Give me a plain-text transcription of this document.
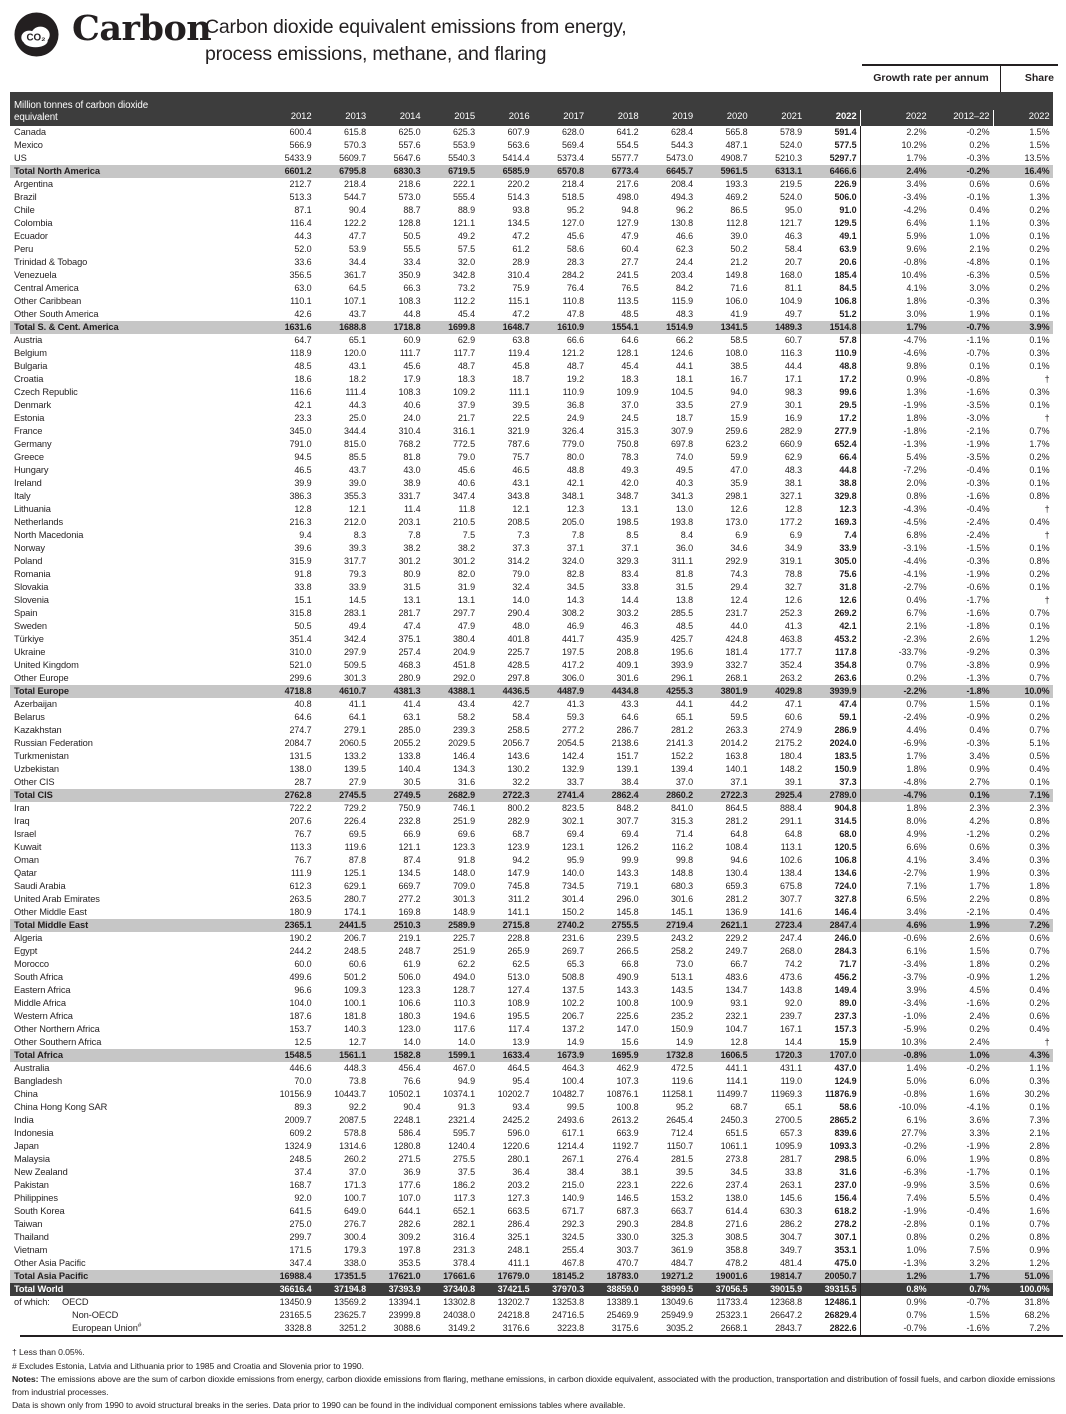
CO₂ Carbon
Carbon dioxide equivalent emissions from energy,
process emissions, methane, and flaring
Growth rate per annum	Share
Million tonnes of carbon dioxide equivalent	2012	2013	2014	2015	2016	2017	2018	2019	2020	2021	2022	2022	2012–22	2022
Canada	600.4	615.8	625.0	625.3	607.9	628.0	641.2	628.4	565.8	578.9	591.4	2.2%	-0.2%	1.5%
Mexico	566.9	570.3	557.6	553.9	563.6	569.4	554.5	544.3	487.1	524.0	577.5	10.2%	0.2%	1.5%
US	5433.9	5609.7	5647.6	5540.3	5414.4	5373.4	5577.7	5473.0	4908.7	5210.3	5297.7	1.7%	-0.3%	13.5%
Total North America	6601.2	6795.8	6830.3	6719.5	6585.9	6570.8	6773.4	6645.7	5961.5	6313.1	6466.6	2.4%	-0.2%	16.4%
Argentina	212.7	218.4	218.6	222.1	220.2	218.4	217.6	208.4	193.3	219.5	226.9	3.4%	0.6%	0.6%
Brazil	513.3	544.7	573.0	555.4	514.3	518.5	498.0	494.3	469.2	524.0	506.0	-3.4%	-0.1%	1.3%
Chile	87.1	90.4	88.7	88.9	93.8	95.2	94.8	96.2	86.5	95.0	91.0	-4.2%	0.4%	0.2%
Colombia	116.4	122.2	128.8	121.1	134.5	127.0	127.9	130.8	112.8	121.7	129.5	6.4%	1.1%	0.3%
Ecuador	44.3	47.7	50.5	49.2	47.2	45.6	47.9	46.6	39.0	46.3	49.1	5.9%	1.0%	0.1%
Peru	52.0	53.9	55.5	57.5	61.2	58.6	60.4	62.3	50.2	58.4	63.9	9.6%	2.1%	0.2%
Trinidad & Tobago	33.6	34.4	33.4	32.0	28.9	28.3	27.7	24.4	21.2	20.7	20.6	-0.8%	-4.8%	0.1%
Venezuela	356.5	361.7	350.9	342.8	310.4	284.2	241.5	203.4	149.8	168.0	185.4	10.4%	-6.3%	0.5%
Central America	63.0	64.5	66.3	73.2	75.9	76.4	76.5	84.2	71.6	81.1	84.5	4.1%	3.0%	0.2%
Other Caribbean	110.1	107.1	108.3	112.2	115.1	110.8	113.5	115.9	106.0	104.9	106.8	1.8%	-0.3%	0.3%
Other South America	42.6	43.7	44.8	45.4	47.2	47.8	48.5	48.3	41.9	49.7	51.2	3.0%	1.9%	0.1%
Total S. & Cent. America	1631.6	1688.8	1718.8	1699.8	1648.7	1610.9	1554.1	1514.9	1341.5	1489.3	1514.8	1.7%	-0.7%	3.9%
Austria	64.7	65.1	60.9	62.9	63.8	66.6	64.6	66.2	58.5	60.7	57.8	-4.7%	-1.1%	0.1%
Belgium	118.9	120.0	111.7	117.7	119.4	121.2	128.1	124.6	108.0	116.3	110.9	-4.6%	-0.7%	0.3%
Bulgaria	48.5	43.1	45.6	48.7	45.8	48.7	45.4	44.1	38.5	44.4	48.8	9.8%	0.1%	0.1%
Croatia	18.6	18.2	17.9	18.3	18.7	19.2	18.3	18.1	16.7	17.1	17.2	0.9%	-0.8%	†
Czech Republic	116.6	111.4	108.3	109.2	111.1	110.9	109.9	104.5	94.0	98.3	99.6	1.3%	-1.6%	0.3%
Denmark	42.1	44.3	40.6	37.9	39.5	36.8	37.0	33.5	27.9	30.1	29.5	-1.9%	-3.5%	0.1%
Estonia	23.3	25.0	24.0	21.7	22.5	24.9	24.5	18.7	15.9	16.9	17.2	1.8%	-3.0%	†
France	345.0	344.4	310.4	316.1	321.9	326.4	315.3	307.9	259.6	282.9	277.9	-1.8%	-2.1%	0.7%
Germany	791.0	815.0	768.2	772.5	787.6	779.0	750.8	697.8	623.2	660.9	652.4	-1.3%	-1.9%	1.7%
Greece	94.5	85.5	81.8	79.0	75.7	80.0	78.3	74.0	59.9	62.9	66.4	5.4%	-3.5%	0.2%
Hungary	46.5	43.7	43.0	45.6	46.5	48.8	49.3	49.5	47.0	48.3	44.8	-7.2%	-0.4%	0.1%
Ireland	39.9	39.0	38.9	40.6	43.1	42.1	42.0	40.3	35.9	38.1	38.8	2.0%	-0.3%	0.1%
Italy	386.3	355.3	331.7	347.4	343.8	348.1	348.7	341.3	298.1	327.1	329.8	0.8%	-1.6%	0.8%
Lithuania	12.8	12.1	11.4	11.8	12.1	12.3	13.1	13.0	12.6	12.8	12.3	-4.3%	-0.4%	†
Netherlands	216.3	212.0	203.1	210.5	208.5	205.0	198.5	193.8	173.0	177.2	169.3	-4.5%	-2.4%	0.4%
North Macedonia	9.4	8.3	7.8	7.5	7.3	7.8	8.5	8.4	6.9	6.9	7.4	6.8%	-2.4%	†
Norway	39.6	39.3	38.2	38.2	37.3	37.1	37.1	36.0	34.6	34.9	33.9	-3.1%	-1.5%	0.1%
Poland	315.9	317.7	301.2	301.2	314.2	324.0	329.3	311.1	292.9	319.1	305.0	-4.4%	-0.3%	0.8%
Romania	91.8	79.3	80.9	82.0	79.0	82.8	83.4	81.8	74.3	78.8	75.6	-4.1%	-1.9%	0.2%
Slovakia	33.8	33.9	31.5	31.9	32.4	34.5	33.8	31.5	29.4	32.7	31.8	-2.7%	-0.6%	0.1%
Slovenia	15.1	14.5	13.1	13.1	14.0	14.3	14.4	13.8	12.4	12.6	12.6	0.4%	-1.7%	†
Spain	315.8	283.1	281.7	297.7	290.4	308.2	303.2	285.5	231.7	252.3	269.2	6.7%	-1.6%	0.7%
Sweden	50.5	49.4	47.4	47.9	48.0	46.9	46.3	48.5	44.0	41.3	42.1	2.1%	-1.8%	0.1%
Türkiye	351.4	342.4	375.1	380.4	401.8	441.7	435.9	425.7	424.8	463.8	453.2	-2.3%	2.6%	1.2%
Ukraine	310.0	297.9	257.4	204.9	225.7	197.5	208.8	195.6	181.4	177.7	117.8	-33.7%	-9.2%	0.3%
United Kingdom	521.0	509.5	468.3	451.8	428.5	417.2	409.1	393.9	332.7	352.4	354.8	0.7%	-3.8%	0.9%
Other Europe	299.6	301.3	280.9	292.0	297.8	306.0	301.6	296.1	268.1	263.2	263.6	0.2%	-1.3%	0.7%
Total Europe	4718.8	4610.7	4381.3	4388.1	4436.5	4487.9	4434.8	4255.3	3801.9	4029.8	3939.9	-2.2%	-1.8%	10.0%
Azerbaijan	40.8	41.1	41.4	43.4	42.7	41.3	43.3	44.1	44.2	47.1	47.4	0.7%	1.5%	0.1%
Belarus	64.6	64.1	63.1	58.2	58.4	59.3	64.6	65.1	59.5	60.6	59.1	-2.4%	-0.9%	0.2%
Kazakhstan	274.7	279.1	285.0	239.3	258.5	277.2	286.7	281.2	263.3	274.9	286.9	4.4%	0.4%	0.7%
Russian Federation	2084.7	2060.5	2055.2	2029.5	2056.7	2054.5	2138.6	2141.3	2014.2	2175.2	2024.0	-6.9%	-0.3%	5.1%
Turkmenistan	131.5	133.2	133.8	146.4	143.6	142.4	151.7	152.2	163.8	180.4	183.5	1.7%	3.4%	0.5%
Uzbekistan	138.0	139.5	140.4	134.3	130.2	132.9	139.1	139.4	140.1	148.2	150.9	1.8%	0.9%	0.4%
Other CIS	28.7	27.9	30.5	31.6	32.2	33.7	38.4	37.0	37.1	39.1	37.3	-4.8%	2.7%	0.1%
Total CIS	2762.8	2745.5	2749.5	2682.9	2722.3	2741.4	2862.4	2860.2	2722.3	2925.4	2789.0	-4.7%	0.1%	7.1%
Iran	722.2	729.2	750.9	746.1	800.2	823.5	848.2	841.0	864.5	888.4	904.8	1.8%	2.3%	2.3%
Iraq	207.6	226.4	232.8	251.9	282.9	302.1	307.7	315.3	281.2	291.1	314.5	8.0%	4.2%	0.8%
Israel	76.7	69.5	66.9	69.6	68.7	69.4	69.4	71.4	64.8	64.8	68.0	4.9%	-1.2%	0.2%
Kuwait	113.3	119.6	121.1	123.3	123.9	123.1	126.2	116.2	108.4	113.1	120.5	6.6%	0.6%	0.3%
Oman	76.7	87.8	87.4	91.8	94.2	95.9	99.9	99.8	94.6	102.6	106.8	4.1%	3.4%	0.3%
Qatar	111.9	125.1	134.5	148.0	147.9	140.0	143.3	148.8	130.4	138.4	134.6	-2.7%	1.9%	0.3%
Saudi Arabia	612.3	629.1	669.7	709.0	745.8	734.5	719.1	680.3	659.3	675.8	724.0	7.1%	1.7%	1.8%
United Arab Emirates	263.5	280.7	277.2	301.3	311.2	301.4	296.0	301.6	281.2	307.7	327.8	6.5%	2.2%	0.8%
Other Middle East	180.9	174.1	169.8	148.9	141.1	150.2	145.8	145.1	136.9	141.6	146.4	3.4%	-2.1%	0.4%
Total Middle East	2365.1	2441.5	2510.3	2589.9	2715.8	2740.2	2755.5	2719.4	2621.1	2723.4	2847.4	4.6%	1.9%	7.2%
Algeria	190.2	206.7	219.1	225.7	228.8	231.6	239.5	243.2	229.2	247.4	246.0	-0.6%	2.6%	0.6%
Egypt	244.2	248.5	248.7	251.9	265.9	269.7	266.5	258.2	249.7	268.0	284.3	6.1%	1.5%	0.7%
Morocco	60.0	60.6	61.9	62.2	62.5	65.3	66.8	73.0	66.7	74.2	71.7	-3.4%	1.8%	0.2%
South Africa	499.6	501.2	506.0	494.0	513.0	508.8	490.9	513.1	483.6	473.6	456.2	-3.7%	-0.9%	1.2%
Eastern Africa	96.6	109.3	123.3	128.7	127.4	137.5	143.3	143.5	134.7	143.8	149.4	3.9%	4.5%	0.4%
Middle Africa	104.0	100.1	106.6	110.3	108.9	102.2	100.8	100.9	93.1	92.0	89.0	-3.4%	-1.6%	0.2%
Western Africa	187.6	181.8	180.3	194.6	195.5	206.7	225.6	235.2	232.1	239.7	237.3	-1.0%	2.4%	0.6%
Other Northern Africa	153.7	140.3	123.0	117.6	117.4	137.2	147.0	150.9	104.7	167.1	157.3	-5.9%	0.2%	0.4%
Other Southern Africa	12.5	12.7	14.0	14.0	13.9	14.9	15.6	14.9	12.8	14.4	15.9	10.3%	2.4%	†
Total Africa	1548.5	1561.1	1582.8	1599.1	1633.4	1673.9	1695.9	1732.8	1606.5	1720.3	1707.0	-0.8%	1.0%	4.3%
Australia	446.6	448.3	456.4	467.0	464.5	464.3	462.9	472.5	441.1	431.1	437.0	1.4%	-0.2%	1.1%
Bangladesh	70.0	73.8	76.6	94.9	95.4	100.4	107.3	119.6	114.1	119.0	124.9	5.0%	6.0%	0.3%
China	10156.9	10443.7	10502.1	10374.1	10202.7	10482.7	10876.1	11258.1	11499.7	11969.3	11876.9	-0.8%	1.6%	30.2%
China Hong Kong SAR	89.3	92.2	90.4	91.3	93.4	99.5	100.8	95.2	68.7	65.1	58.6	-10.0%	-4.1%	0.1%
India	2009.7	2087.5	2248.1	2321.4	2425.2	2493.6	2613.2	2645.4	2450.3	2700.5	2865.2	6.1%	3.6%	7.3%
Indonesia	609.2	578.8	586.4	595.7	596.0	617.1	663.9	712.4	651.5	657.3	839.6	27.7%	3.3%	2.1%
Japan	1324.9	1314.6	1280.8	1240.4	1220.6	1214.4	1192.7	1150.7	1061.1	1095.9	1093.3	-0.2%	-1.9%	2.8%
Malaysia	248.5	260.2	271.5	275.5	280.1	267.1	276.4	281.5	273.8	281.7	298.5	6.0%	1.9%	0.8%
New Zealand	37.4	37.0	36.9	37.5	36.4	38.4	38.1	39.5	34.5	33.8	31.6	-6.3%	-1.7%	0.1%
Pakistan	168.7	171.3	177.6	186.2	203.2	215.0	223.1	222.6	237.4	263.1	237.0	-9.9%	3.5%	0.6%
Philippines	92.0	100.7	107.0	117.3	127.3	140.9	146.5	153.2	138.0	145.6	156.4	7.4%	5.5%	0.4%
South Korea	641.5	649.0	644.1	652.1	663.5	671.7	687.3	663.7	614.4	630.3	618.2	-1.9%	-0.4%	1.6%
Taiwan	275.0	276.7	282.6	282.1	286.4	292.3	290.3	284.8	271.6	286.2	278.2	-2.8%	0.1%	0.7%
Thailand	299.7	300.4	309.2	316.4	325.1	324.5	330.0	325.3	308.5	304.7	307.1	0.8%	0.2%	0.8%
Vietnam	171.5	179.3	197.8	231.3	248.1	255.4	303.7	361.9	358.8	349.7	353.1	1.0%	7.5%	0.9%
Other Asia Pacific	347.4	338.0	353.5	378.4	411.1	467.8	470.7	484.7	478.2	481.4	475.0	-1.3%	3.2%	1.2%
Total Asia Pacific	16988.4	17351.5	17621.0	17661.6	17679.0	18145.2	18783.0	19271.2	19001.6	19814.7	20050.7	1.2%	1.7%	51.0%
Total World	36616.4	37194.8	37393.9	37340.8	37421.5	37970.3	38859.0	38999.5	37056.5	39015.9	39315.5	0.8%	0.7%	100.0%
of which: OECD	13450.9	13569.2	13394.1	13302.8	13202.7	13253.8	13389.1	13049.6	11733.4	12368.8	12486.1	0.9%	-0.7%	31.8%
Non-OECD	23165.5	23625.7	23999.8	24038.0	24218.8	24716.5	25469.9	25949.9	25323.1	26647.2	26829.4	0.7%	1.5%	68.2%
European Union#	3328.8	3251.2	3088.6	3149.2	3176.6	3223.8	3175.6	3035.2	2668.1	2843.7	2822.6	-0.7%	-1.6%	7.2%
† Less than 0.05%.
# Excludes Estonia, Latvia and Lithuania prior to 1985 and Croatia and Slovenia prior to 1990.
Notes: The emissions above are the sum of carbon dioxide emissions from energy, carbon dioxide emissions from flaring, methane emissions, in carbon dioxide equivalent, associated with the production, transportation and distribution of fossil fuels, and carbon dioxide emissions from industrial processes.
Data is shown only from 1990 to avoid structural breaks in the series. Data prior to 1990 can be found in the individual component emissions tables where available.
